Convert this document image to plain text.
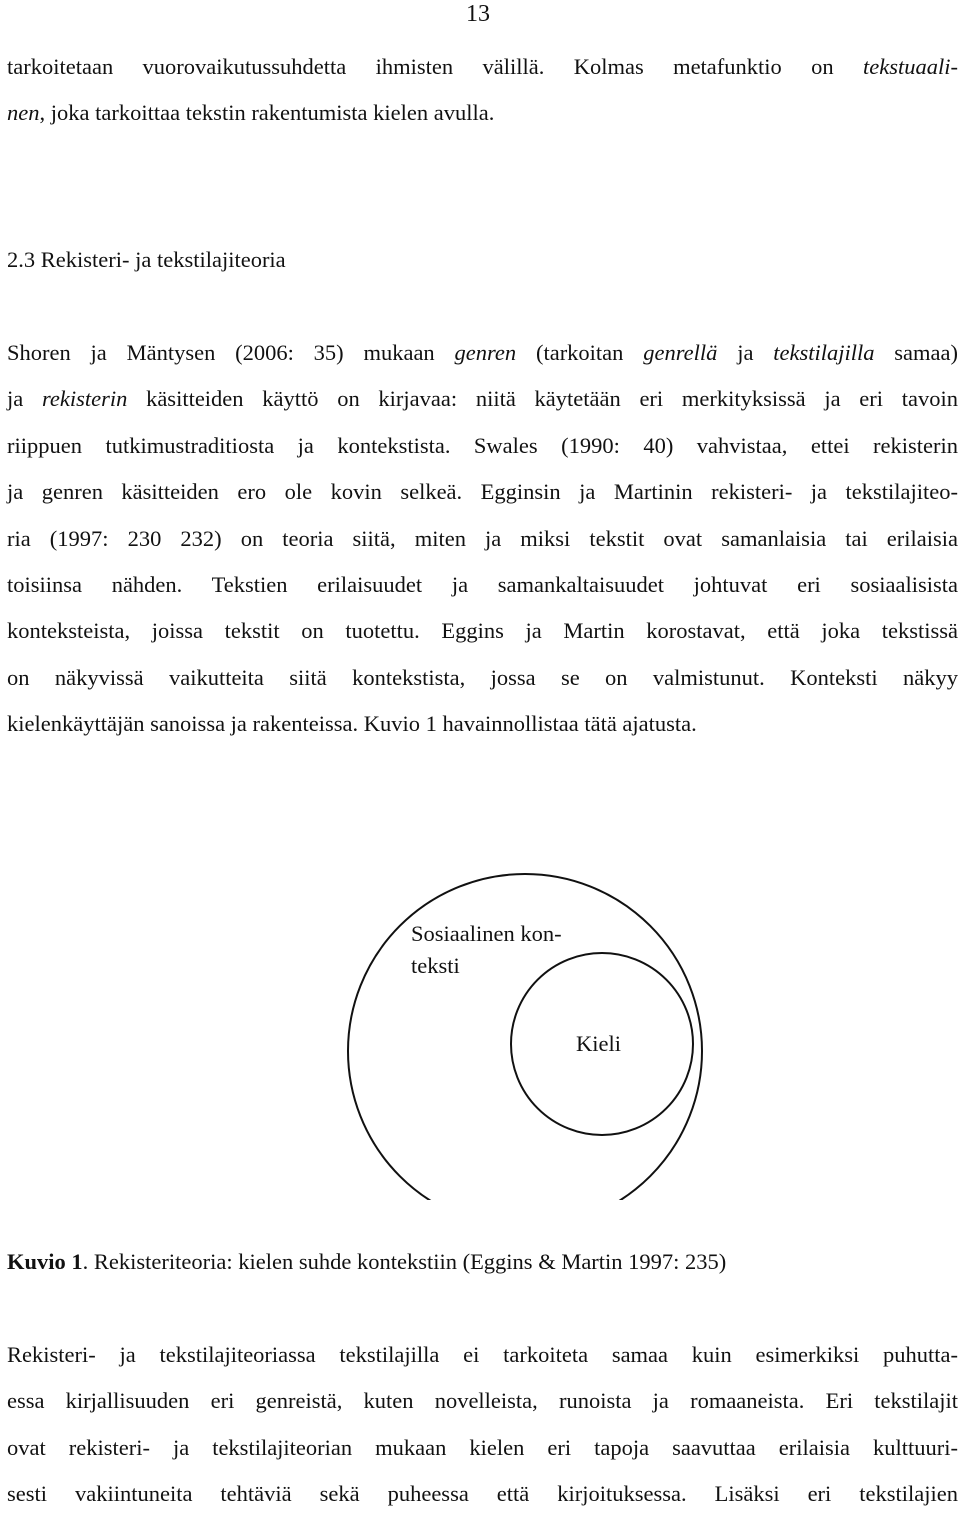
13

tarkoitetaan vuorovaikutussuhdetta ihmisten välillä. Kolmas metafunktio on tekstuaali-
nen, joka tarkoittaa tekstin rakentumista kielen avulla.

2.3 Rekisteri- ja tekstilajiteoria

Shoren ja Mäntysen (2006: 35) mukaan genren (tarkoitan genrellä ja tekstilajilla samaa)
ja rekisterin käsitteiden käyttö on kirjavaa: niitä käytetään eri merkityksissä ja eri tavoin
riippuen tutkimustraditiosta ja kontekstista. Swales (1990: 40) vahvistaa, ettei rekisterin
ja genren käsitteiden ero ole kovin selkeä. Egginsin ja Martinin rekisteri- ja tekstilajiteo-
ria (1997: 230 232) on teoria siitä, miten ja miksi tekstit ovat samanlaisia tai erilaisia
toisiinsa nähden. Tekstien erilaisuudet ja samankaltaisuudet johtuvat eri sosiaalisista
konteksteista, joissa tekstit on tuotettu. Eggins ja Martin korostavat, että joka tekstissä
on näkyvissä vaikutteita siitä kontekstista, jossa se on valmistunut. Konteksti näkyy
kielenkäyttäjän sanoissa ja rakenteissa. Kuvio 1 havainnollistaa tätä ajatusta.

Sosiaalinen kon-
teksti
Kieli
Kuvio 1. Rekisteriteoria: kielen suhde kontekstiin (Eggins & Martin 1997: 235)

Rekisteri- ja tekstilajiteoriassa tekstilajilla ei tarkoiteta samaa kuin esimerkiksi puhutta-
essa kirjallisuuden eri genreistä, kuten novelleista, runoista ja romaaneista. Eri tekstilajit
ovat rekisteri- ja tekstilajiteorian mukaan kielen eri tapoja saavuttaa erilaisia kulttuuri-
sesti vakiintuneita tehtäviä sekä puheessa että kirjoituksessa. Lisäksi eri tekstilajien
